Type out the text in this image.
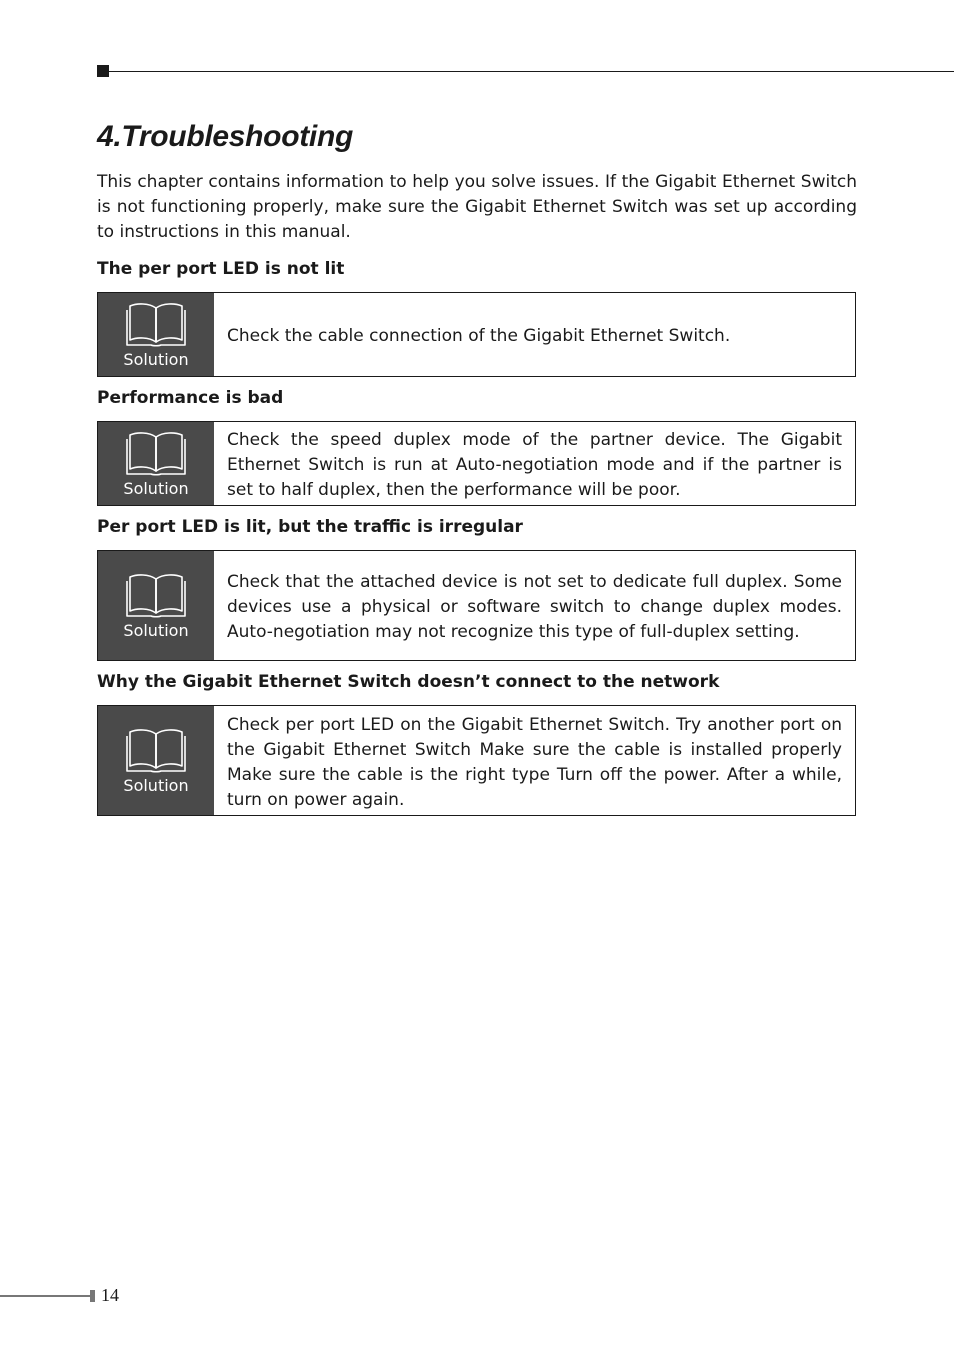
4.Troubleshooting

This chapter contains information to help you solve issues. If the Gigabit Ethernet Switch is not functioning properly, make sure the Gigabit Ethernet Switch was set up according to instructions in this manual.

The per port LED is not lit
Solution
Check the cable connection of the Gigabit Ethernet Switch.
Performance is bad
Solution
Check the speed duplex mode of the partner device. The Gigabit Ethernet Switch is run at Auto-negotiation mode and if the partner is set to half duplex, then the performance will be poor.
Per port LED is lit, but the traffic is irregular
Solution
Check that the attached device is not set to dedicate full duplex. Some devices use a physical or software switch to change duplex modes. Auto-negotiation may not recognize this type of full-duplex setting.
Why the Gigabit Ethernet Switch doesn’t connect to the network
Solution
Check per port LED on the Gigabit Ethernet Switch. Try another port on the Gigabit Ethernet Switch Make sure the cable is installed properly Make sure the cable is the right type Turn off the power. After a while, turn on power again.
14
